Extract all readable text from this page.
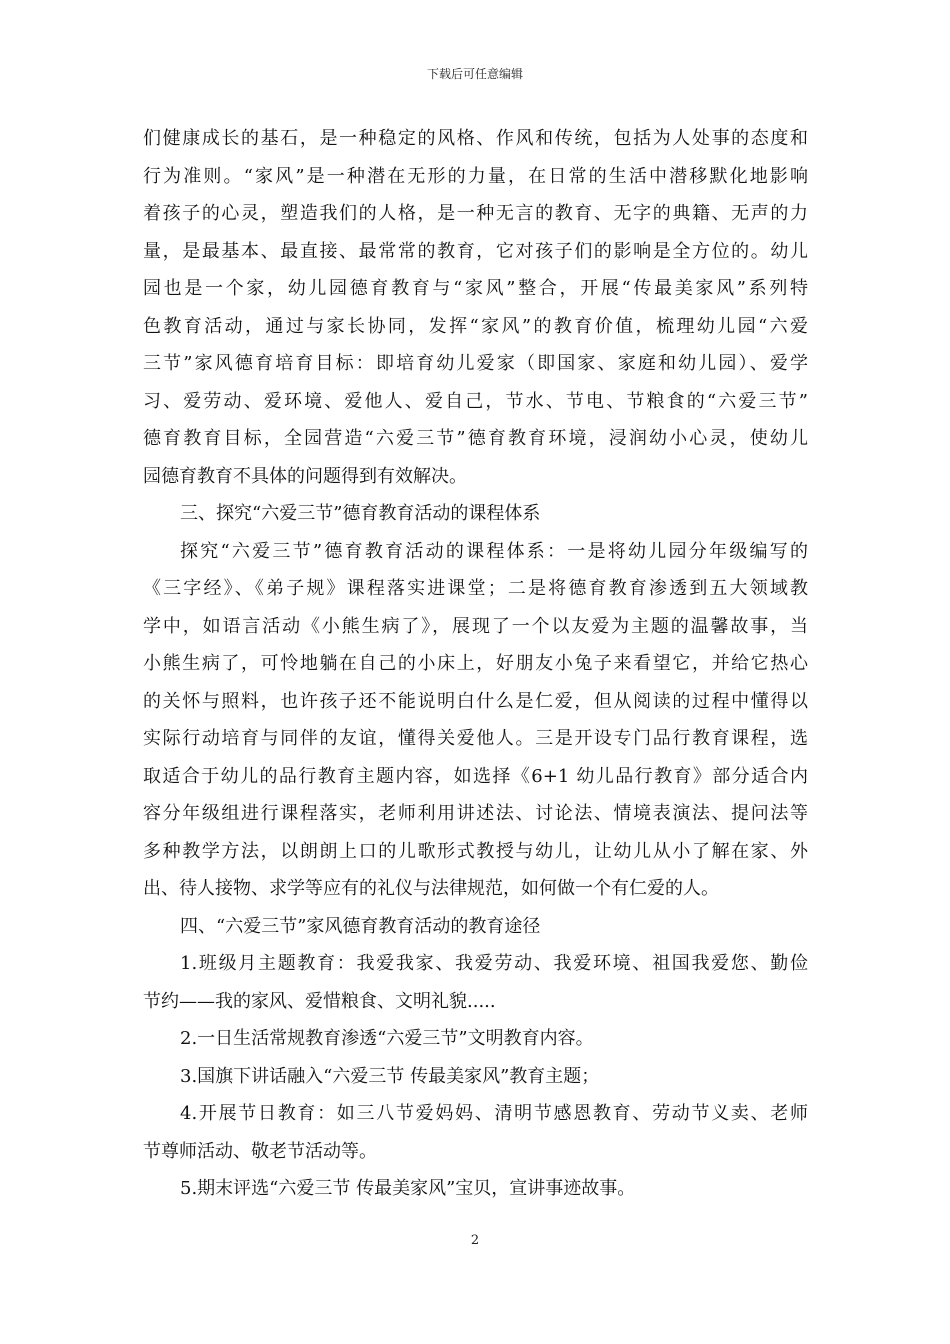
下载后可任意编辑
们健康成长的基石，是一种稳定的风格、作风和传统，包括为人处事的态度和
行为准则。“家风”是一种潜在无形的力量，在日常的生活中潜移默化地影响
着孩子的心灵，塑造我们的人格，是一种无言的教育、无字的典籍、无声的力
量，是最基本、最直接、最常常的教育，它对孩子们的影响是全方位的。幼儿
园也是一个家，幼儿园德育教育与“家风”整合，开展“传最美家风”系列特
色教育活动，通过与家长协同，发挥“家风”的教育价值，梳理幼儿园“六爱
三节”家风德育培育目标：即培育幼儿爱家（即国家、家庭和幼儿园）、爱学
习、爱劳动、爱环境、爱他人、爱自己，节水、节电、节粮食的“六爱三节”
德育教育目标，全园营造“六爱三节”德育教育环境，浸润幼小心灵，使幼儿
园德育教育不具体的问题得到有效解决。
三、探究“六爱三节”德育教育活动的课程体系
探究“六爱三节”德育教育活动的课程体系：一是将幼儿园分年级编写的
《三字经》、《弟子规》课程落实进课堂；二是将德育教育渗透到五大领域教
学中，如语言活动《小熊生病了》，展现了一个以友爱为主题的温馨故事，当
小熊生病了，可怜地躺在自己的小床上，好朋友小兔子来看望它，并给它热心
的关怀与照料，也许孩子还不能说明白什么是仁爱，但从阅读的过程中懂得以
实际行动培育与同伴的友谊，懂得关爱他人。三是开设专门品行教育课程，选
取适合于幼儿的品行教育主题内容，如选择《6+1 幼儿品行教育》部分适合内
容分年级组进行课程落实，老师利用讲述法、讨论法、情境表演法、提问法等
多种教学方法，以朗朗上口的儿歌形式教授与幼儿，让幼儿从小了解在家、外
出、待人接物、求学等应有的礼仪与法律规范，如何做一个有仁爱的人。
四、“六爱三节”家风德育教育活动的教育途径
1.班级月主题教育：我爱我家、我爱劳动、我爱环境、祖国我爱您、勤俭
节约——我的家风、爱惜粮食、文明礼貌.....
2.一日生活常规教育渗透“六爱三节”文明教育内容。
3.国旗下讲话融入“六爱三节 传最美家风”教育主题；
4.开展节日教育：如三八节爱妈妈、清明节感恩教育、劳动节义卖、老师
节尊师活动、敬老节活动等。
5.期末评选“六爱三节 传最美家风”宝贝，宣讲事迹故事。
2
